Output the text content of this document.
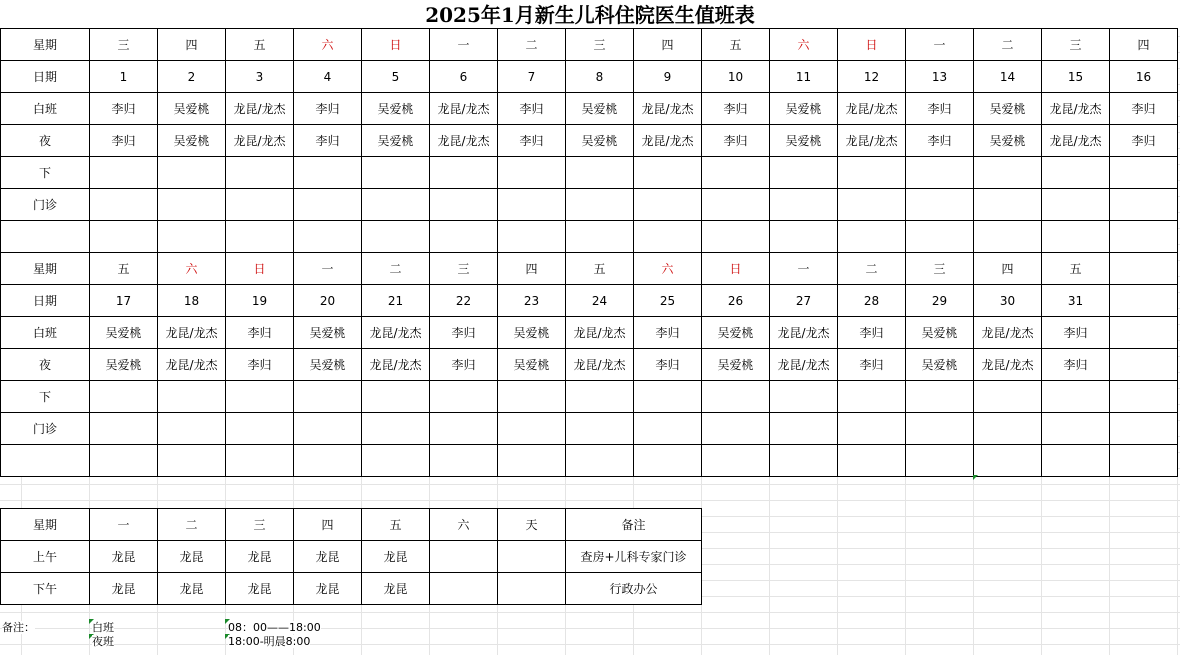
2025年1月新生儿科住院医生值班表
星期	三	四	五	六	日	一	二	三	四	五	六	日	一	二	三	四
日期	1	2	3	4	5	6	7	8	9	10	11	12	13	14	15	16
白班	李归	吴爱桃	龙昆/龙杰	李归	吴爱桃	龙昆/龙杰	李归	吴爱桃	龙昆/龙杰	李归	吴爱桃	龙昆/龙杰	李归	吴爱桃	龙昆/龙杰	李归
夜	李归	吴爱桃	龙昆/龙杰	李归	吴爱桃	龙昆/龙杰	李归	吴爱桃	龙昆/龙杰	李归	吴爱桃	龙昆/龙杰	李归	吴爱桃	龙昆/龙杰	李归
下																
门诊																

星期	五	六	日	一	二	三	四	五	六	日	一	二	三	四	五	
日期	17	18	19	20	21	22	23	24	25	26	27	28	29	30	31	
白班	吴爱桃	龙昆/龙杰	李归	吴爱桃	龙昆/龙杰	李归	吴爱桃	龙昆/龙杰	李归	吴爱桃	龙昆/龙杰	李归	吴爱桃	龙昆/龙杰	李归	
夜	吴爱桃	龙昆/龙杰	李归	吴爱桃	龙昆/龙杰	李归	吴爱桃	龙昆/龙杰	李归	吴爱桃	龙昆/龙杰	李归	吴爱桃	龙昆/龙杰	李归	
下																
门诊																

星期	一	二	三	四	五	六	天	备注
上午	龙昆	龙昆	龙昆	龙昆	龙昆			查房+儿科专家门诊
下午	龙昆	龙昆	龙昆	龙昆	龙昆			行政办公
备注：	白班	08：00——18:00
夜班	18:00-明晨8:00
